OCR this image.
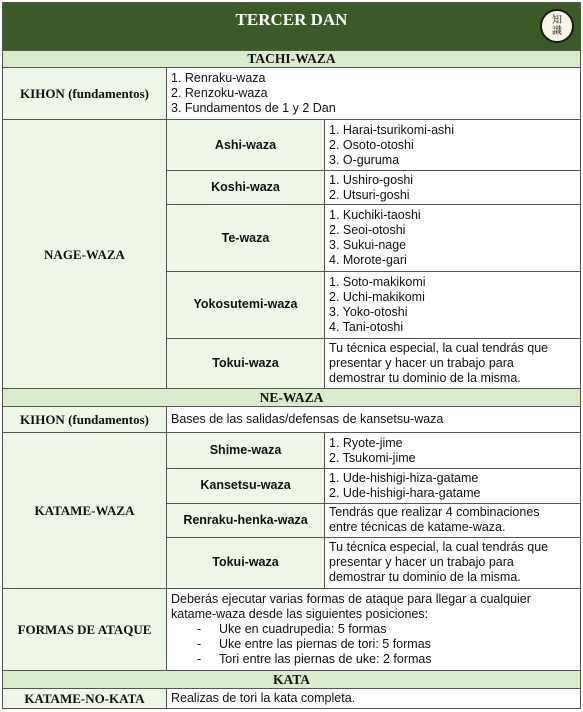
TERCER DAN 知
識		

TACHI-WAZA		
KIHON (fundamentos)	1. Renraku-waza
2. Renzoku-waza
3. Fundamentos de 1 y 2 Dan	

NAGE-WAZA	Ashi-waza	1. Harai-tsurikomi-ashi
2. Osoto-otoshi
3. O-guruma

	Koshi-waza	1. Ushiro-goshi
2. Utsuri-goshi

	Te-waza	1. Kuchiki-taoshi
2. Seoi-otoshi
3. Sukui-nage
4. Morote-gari

	Yokosutemi-waza	1. Soto-makikomi
2. Uchi-makikomi
3. Yoko-otoshi
4. Tani-otoshi

	Tokui-waza	Tu técnica especial, la cual tendrás que
presentar y hacer un trabajo para
demostrar tu dominio de la misma.

NE-WAZA		
KIHON (fundamentos)	Bases de las salidas/defensas de kansetsu-waza	
KATAME-WAZA	Shime-waza	1. Ryote-jime
2. Tsukomi-jime

	Kansetsu-waza	1. Ude-hishigi-hiza-gatame
2. Ude-hishigi-hara-gatame

	Renraku-henka-waza	Tendrás que realizar 4 combinaciones
entre técnicas de katame-waza.

	Tokui-waza	Tu técnica especial, la cual tendrás que
presentar y hacer un trabajo para
demostrar tu dominio de la misma.

FORMAS DE ATAQUE	Deberás ejecutar varias formas de ataque para llegar a cualquier
katame-waza desde las siguientes posiciones:
- Uke en cuadrupedia: 5 formas
- Uke entre las piernas de tori: 5 formas
- Tori entre las piernas de uke: 2 formas	

KATA		
KATAME-NO-KATA	Realizas de tori la kata completa.	
